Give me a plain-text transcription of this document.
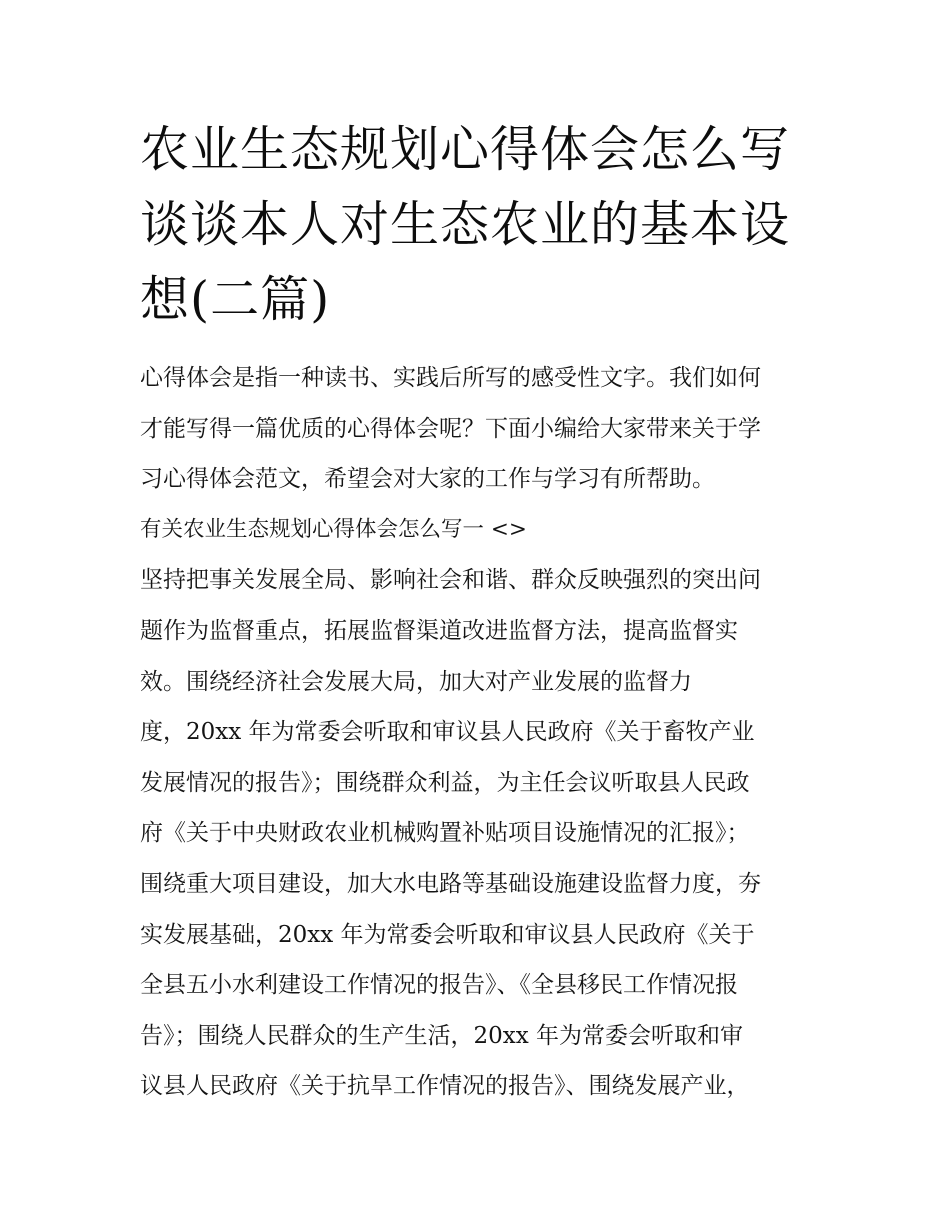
农业生态规划心得体会怎么写
谈谈本人对生态农业的基本设
想(二篇)
心得体会是指一种读书、实践后所写的感受性文字。我们如何
才能写得一篇优质的心得体会呢？下面小编给大家带来关于学
习心得体会范文，希望会对大家的工作与学习有所帮助。
有关农业生态规划心得体会怎么写一 <>
坚持把事关发展全局、影响社会和谐、群众反映强烈的突出问
题作为监督重点，拓展监督渠道改进监督方法，提高监督实
效。围绕经济社会发展大局，加大对产业发展的监督力
度，20xx 年为常委会听取和审议县人民政府《关于畜牧产业
发展情况的报告》；围绕群众利益，为主任会议听取县人民政
府《关于中央财政农业机械购置补贴项目设施情况的汇报》；
围绕重大项目建设，加大水电路等基础设施建设监督力度，夯
实发展基础，20xx 年为常委会听取和审议县人民政府《关于
全县五小水利建设工作情况的报告》、《全县移民工作情况报
告》；围绕人民群众的生产生活，20xx 年为常委会听取和审
议县人民政府《关于抗旱工作情况的报告》、围绕发展产业，
